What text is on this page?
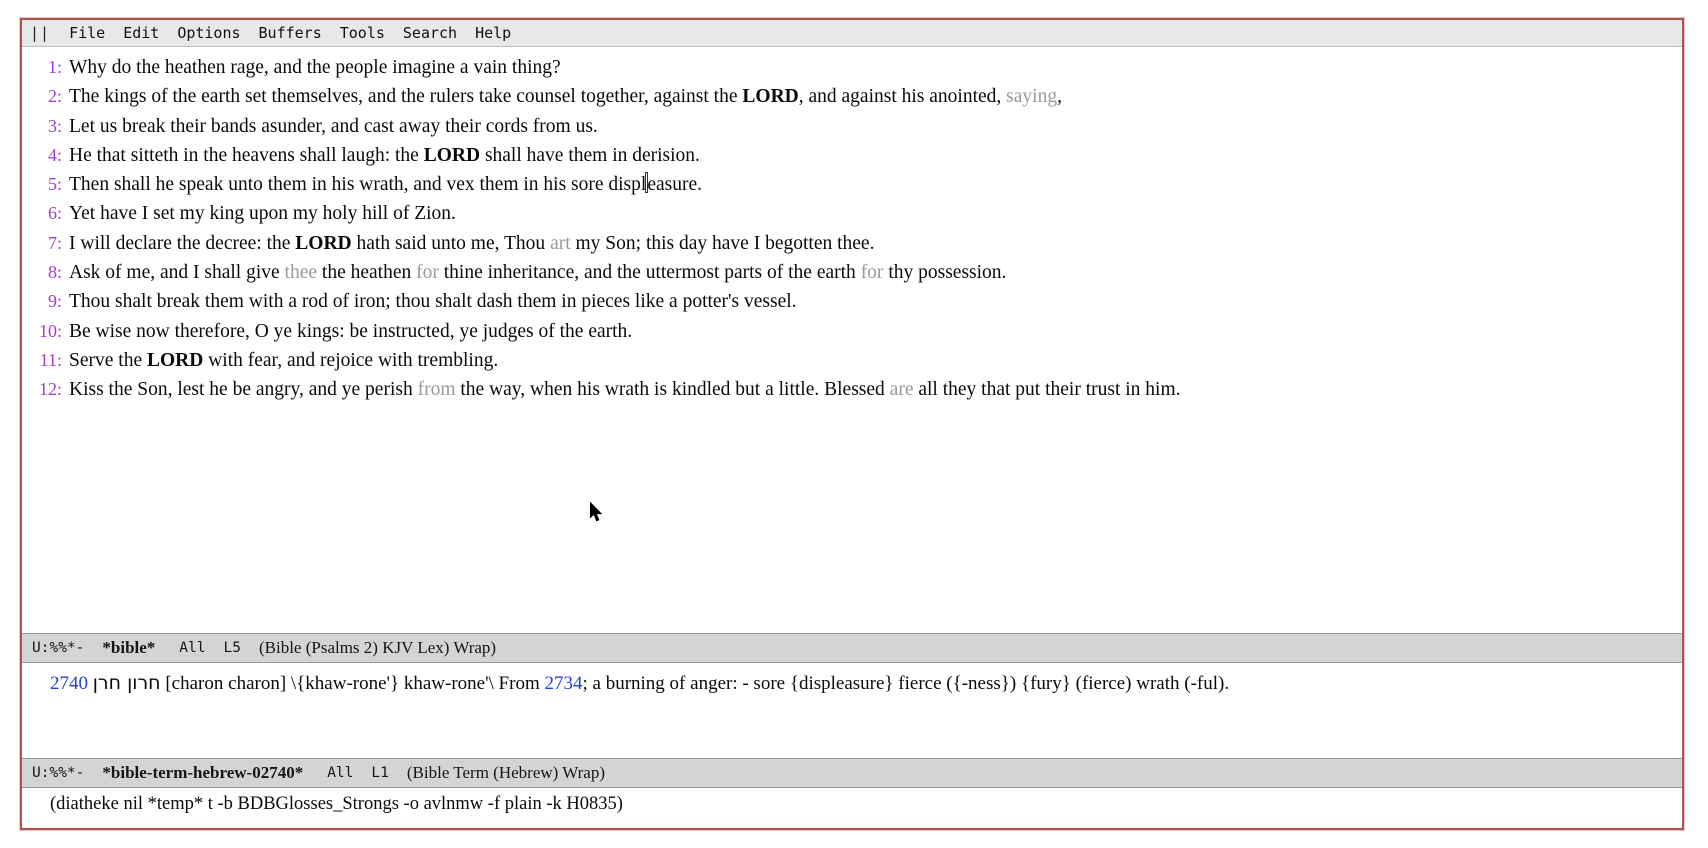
||	File	Edit	Options	Buffers	Tools	Search	Help
1: Why do the heathen rage, and the people imagine a vain thing?
2: The kings of the earth set themselves, and the rulers take counsel together, against the LORD, and against his anointed, saying,
3: Let us break their bands asunder, and cast away their cords from us.
4: He that sitteth in the heavens shall laugh: the LORD shall have them in derision.
5: Then shall he speak unto them in his wrath, and vex them in his sore displeasure.
6: Yet have I set my king upon my holy hill of Zion.
7: I will declare the decree: the LORD hath said unto me, Thou art my Son; this day have I begotten thee.
8: Ask of me, and I shall give thee the heathen for thine inheritance, and the uttermost parts of the earth for thy possession.
9: Thou shalt break them with a rod of iron; thou shalt dash them in pieces like a potter's vessel.
10: Be wise now therefore, O ye kings: be instructed, ye judges of the earth.
11: Serve the LORD with fear, and rejoice with trembling.
12: Kiss the Son, lest he be angry, and ye perish from the way, when his wrath is kindled but a little. Blessed are all they that put their trust in him.
U:%%*- *bible* All L5 (Bible (Psalms 2) KJV Lex) Wrap)
2740 חרון חרן [charon charon] \{khaw-rone'} khaw-rone'\ From 2734; a burning of anger: - sore {displeasure} fierce ({-ness}) {fury} (fierce) wrath (-ful).
U:%%*- *bible-term-hebrew-02740* All L1 (Bible Term (Hebrew) Wrap)
(diatheke nil *temp* t -b BDBGlosses_Strongs -o avlnmw -f plain -k H0835)
